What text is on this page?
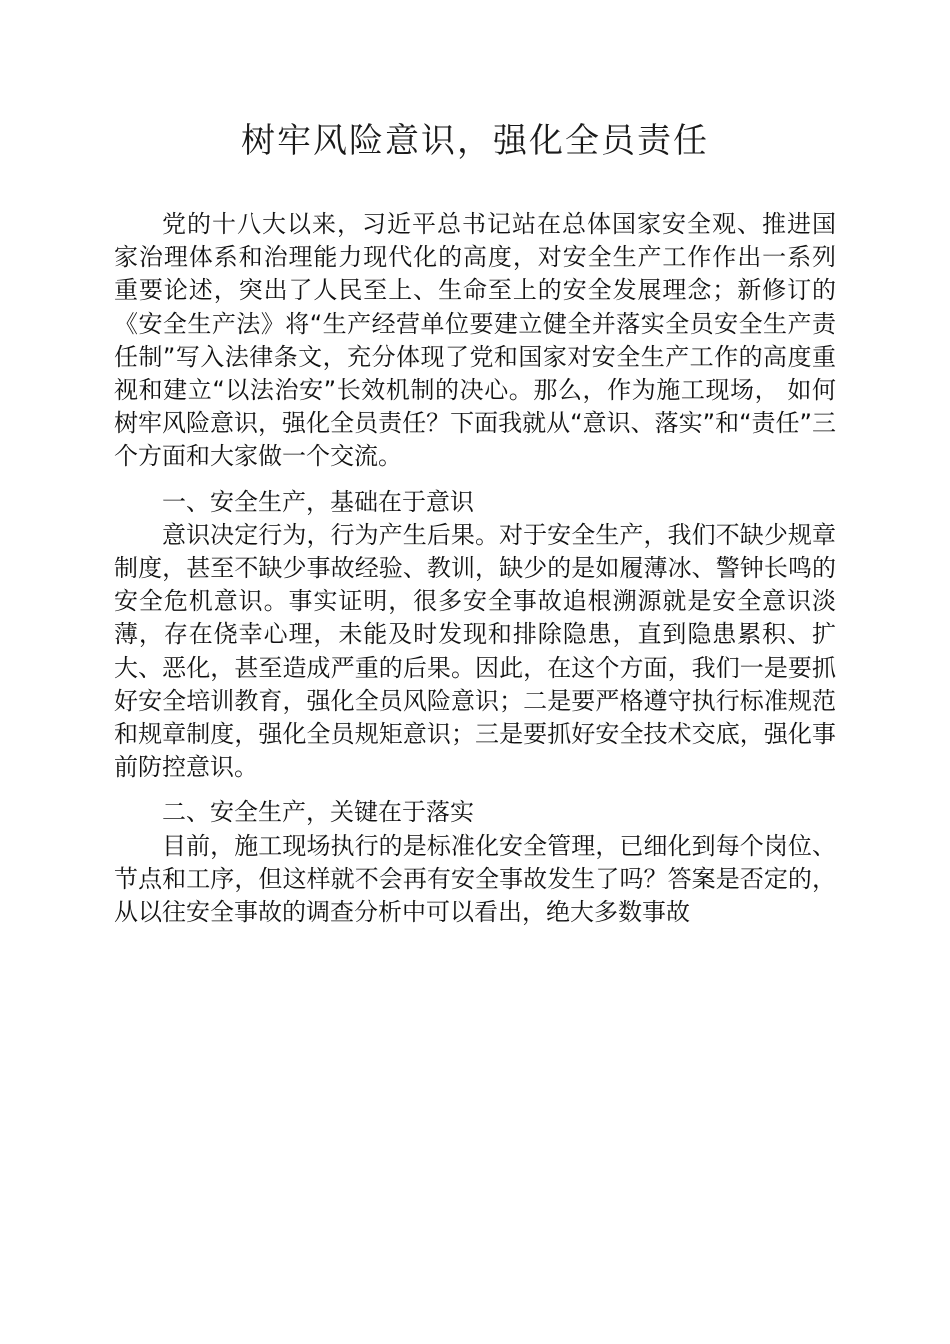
树牢风险意识，强化全员责任

党的十八大以来，习近平总书记站在总体国家安全观、推进国 家治理体系和治理能力现代化的高度，对安全生产工作作出一系列 重要论述，突出了人民至上、生命至上的安全发展理念；新修订的《安全生产法》将“生产经营单位要建立健全并落实全员安全生产责任制”写入法律条文，充分体现了党和国家对安全生产工作的高度重视和建立“以法治安”长效机制的决心。那么，作为施工现场， 如何树牢风险意识，强化全员责任？下面我就从“意识、落实”和“责任”三个方面和大家做一个交流。

一、安全生产，基础在于意识

意识决定行为，行为产生后果。对于安全生产，我们不缺少规章制度，甚至不缺少事故经验、教训，缺少的是如履薄冰、警钟长鸣的安全危机意识。事实证明，很多安全事故追根溯源就是安全意识淡薄，存在侥幸心理，未能及时发现和排除隐患，直到隐患累积、扩大、恶化，甚至造成严重的后果。因此，在这个方面，我们一是要抓好安全培训教育，强化全员风险意识；二是要严格遵守执行标准规范和规章制度，强化全员规矩意识；三是要抓好安全技术交底，强化事前防控意识。

二、安全生产，关键在于落实

目前，施工现场执行的是标准化安全管理，已细化到每个岗位、节点和工序，但这样就不会再有安全事故发生了吗？答案是否定的，从以往安全事故的调查分析中可以看出，绝大多数事故
